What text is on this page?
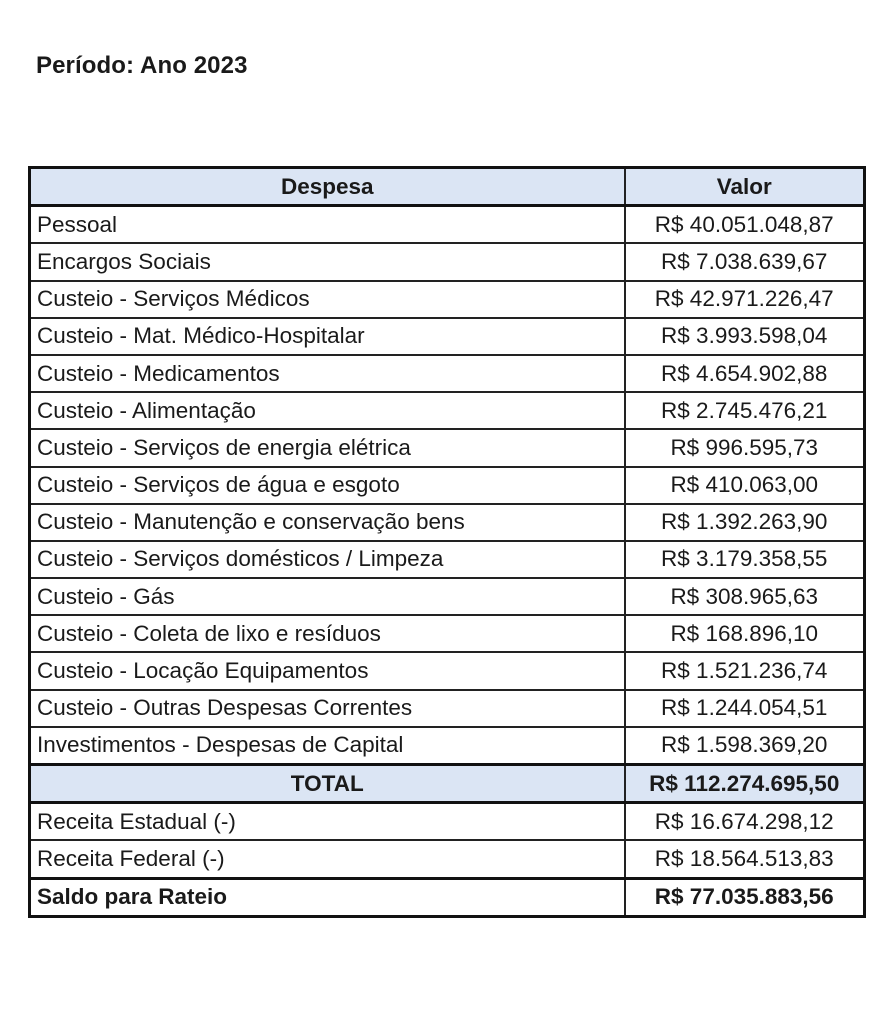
Período: Ano 2023
Despesa	Valor
Pessoal	R$ 40.051.048,87
Encargos Sociais	R$ 7.038.639,67
Custeio - Serviços Médicos	R$ 42.971.226,47
Custeio - Mat. Médico-Hospitalar	R$ 3.993.598,04
Custeio - Medicamentos	R$ 4.654.902,88
Custeio - Alimentação	R$ 2.745.476,21
Custeio - Serviços de energia elétrica	R$ 996.595,73
Custeio - Serviços de água e esgoto	R$ 410.063,00
Custeio - Manutenção e conservação bens	R$ 1.392.263,90
Custeio - Serviços domésticos / Limpeza	R$ 3.179.358,55
Custeio - Gás	R$ 308.965,63
Custeio - Coleta de lixo e resíduos	R$ 168.896,10
Custeio - Locação Equipamentos	R$ 1.521.236,74
Custeio - Outras Despesas Correntes	R$ 1.244.054,51
Investimentos - Despesas de Capital	R$ 1.598.369,20
TOTAL	R$ 112.274.695,50
Receita Estadual (-)	R$ 16.674.298,12
Receita Federal (-)	R$ 18.564.513,83
Saldo para Rateio	R$ 77.035.883,56
